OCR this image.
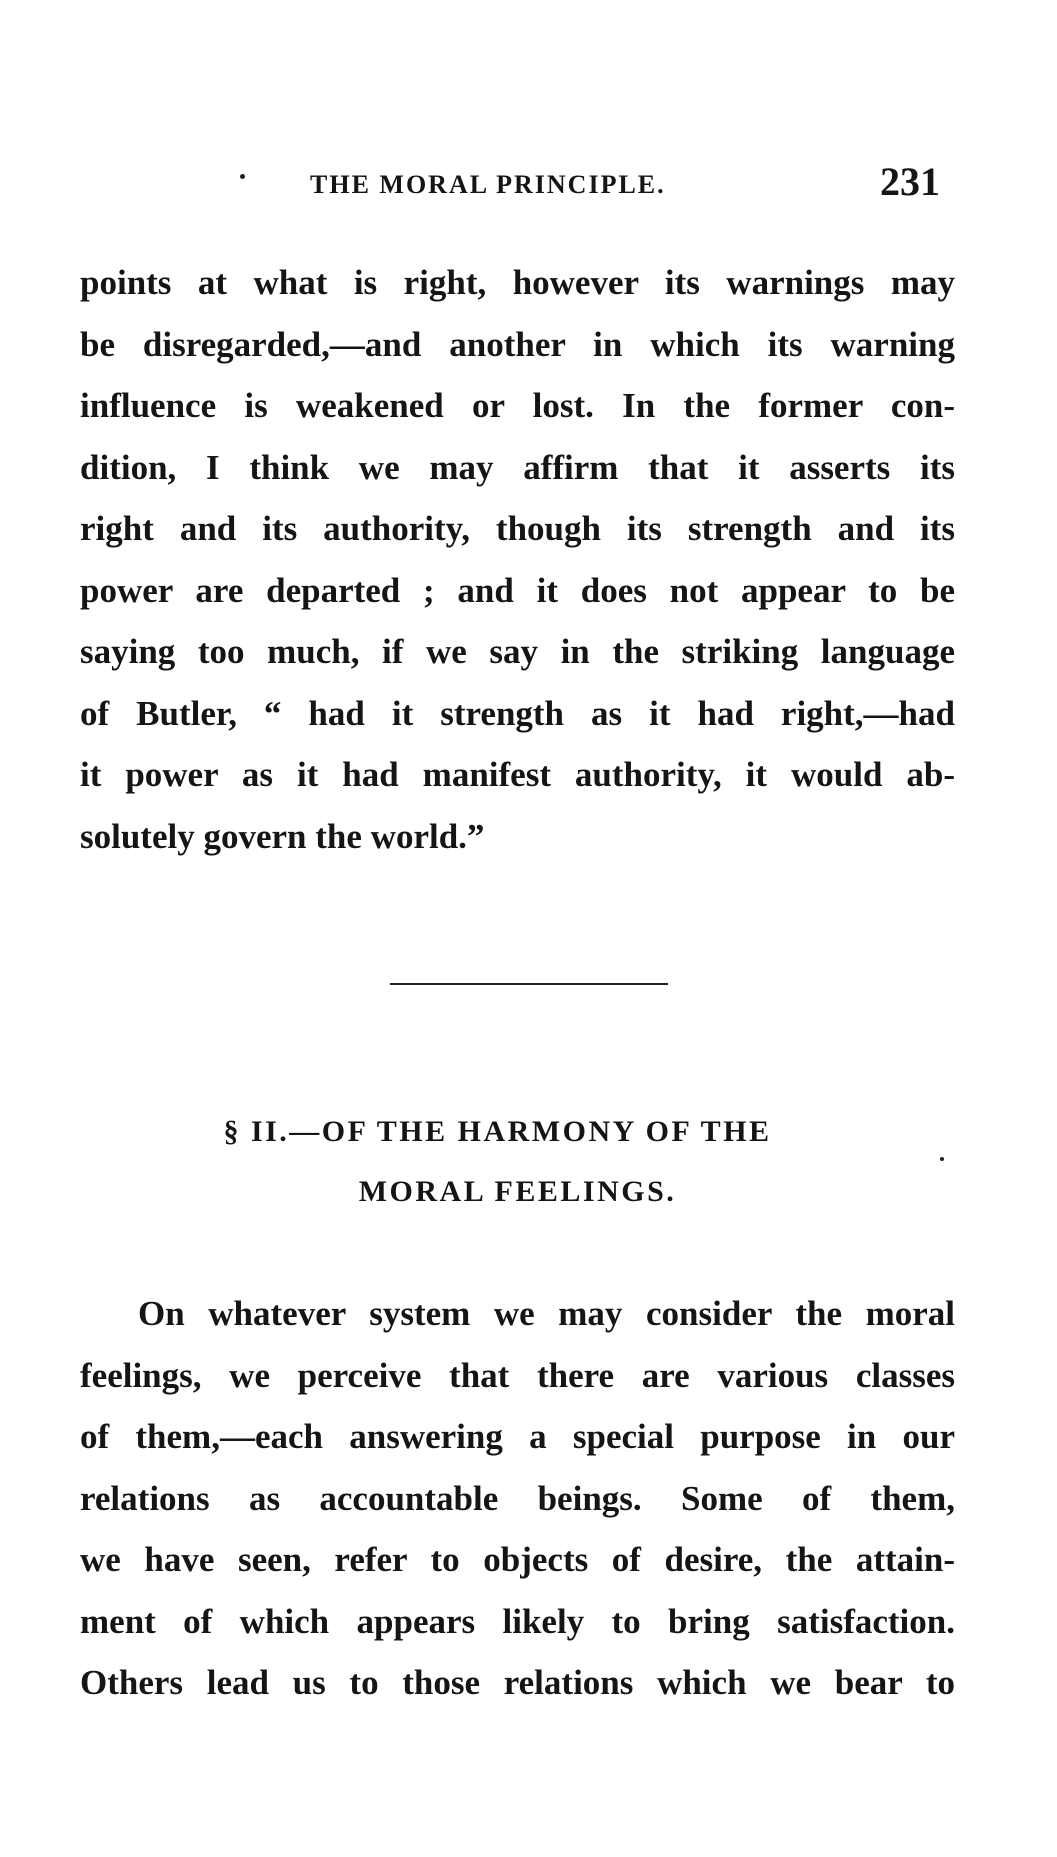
THE MORAL PRINCIPLE.	231
points at what is right, however its warnings may
be disregarded,—and another in which its warning
influence is weakened or lost. In the former con-
dition, I think we may affirm that it asserts its
right and its authority, though its strength and its
power are departed ; and it does not appear to be
saying too much, if we say in the striking language
of Butler, “ had it strength as it had right,—had
it power as it had manifest authority, it would ab-
solutely govern the world.”
§ II.—OF THE HARMONY OF THE
MORAL FEELINGS.
On whatever system we may consider the moral
feelings, we perceive that there are various classes
of them,—each answering a special purpose in our
relations as accountable beings. Some of them,
we have seen, refer to objects of desire, the attain-
ment of which appears likely to bring satisfaction.
Others lead us to those relations which we bear to
